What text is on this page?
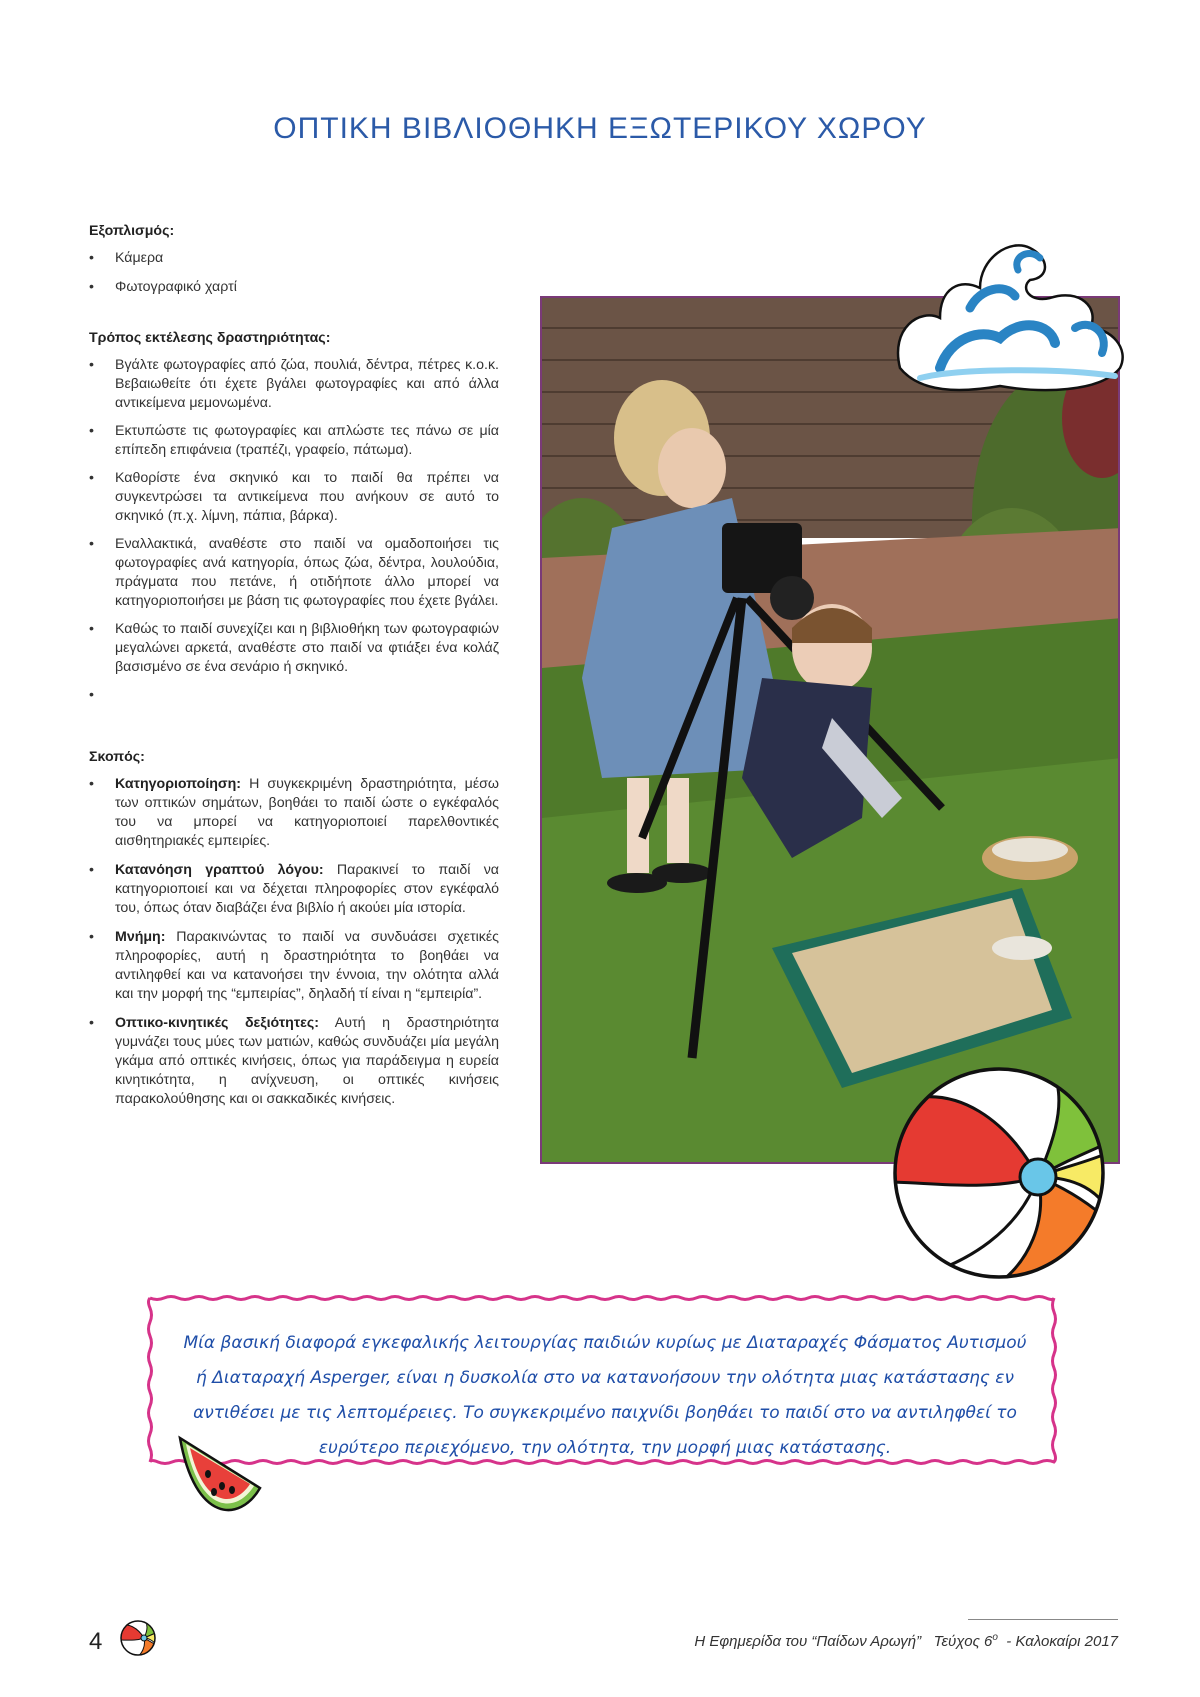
ΟΠΤΙΚΗ ΒΙΒΛΙΟΘΗΚΗ ΕΞΩΤΕΡΙΚΟΥ ΧΩΡΟΥ
Εξοπλισμός:
• Κάμερα
• Φωτογραφικό χαρτί
Τρόπος εκτέλεσης δραστηριότητας:
• Βγάλτε φωτογραφίες από ζώα, πουλιά, δέντρα, πέτρες κ.ο.κ. Βεβαιωθείτε ότι έχετε βγάλει φωτογραφίες και από άλλα αντικείμενα μεμονωμένα.
• Εκτυπώστε τις φωτογραφίες και απλώστε τες πάνω σε μία επίπεδη επιφάνεια (τραπέζι, γραφείο, πάτωμα).
• Καθορίστε ένα σκηνικό και το παιδί θα πρέπει να συγκεντρώσει τα αντικείμενα που ανήκουν σε αυτό το σκηνικό (π.χ. λίμνη, πάπια, βάρκα).
• Εναλλακτικά, αναθέστε στο παιδί να ομαδοποιήσει τις φωτογραφίες ανά κατηγορία, όπως ζώα, δέντρα, λουλούδια, πράγματα που πετάνε, ή οτιδήποτε άλλο μπορεί να κατηγοριοποιήσει με βάση τις φωτογραφίες που έχετε βγάλει.
• Καθώς το παιδί συνεχίζει και η βιβλιοθήκη των φωτογραφιών μεγαλώνει αρκετά, αναθέστε στο παιδί να φτιάξει ένα κολάζ βασισμένο σε ένα σενάριο ή σκηνικό.
•
Σκοπός:
• Κατηγοριοποίηση: Η συγκεκριμένη δραστηριότητα, μέσω των οπτικών σημάτων, βοηθάει το παιδί ώστε ο εγκέφαλός του να μπορεί να κατηγοριοποιεί παρελθοντικές αισθητηριακές εμπειρίες.
• Κατανόηση γραπτού λόγου: Παρακινεί το παιδί να κατηγοριοποιεί και να δέχεται πληροφορίες στον εγκέφαλό του, όπως όταν διαβάζει ένα βιβλίο ή ακούει μία ιστορία.
• Μνήμη: Παρακινώντας το παιδί να συνδυάσει σχετικές πληροφορίες, αυτή η δραστηριότητα το βοηθάει να αντιληφθεί και να κατανοήσει την έννοια, την ολότητα αλλά και την μορφή της “εμπειρίας”, δηλαδή τί είναι η “εμπειρία”.
• Οπτικο-κινητικές δεξιότητες: Αυτή η δραστηριότητα γυμνάζει τους μύες των ματιών, καθώς συνδυάζει μία μεγάλη γκάμα από οπτικές κινήσεις, όπως για παράδειγμα η ευρεία κινητικότητα, η ανίχνευση, οι οπτικές κινήσεις παρακολούθησης και οι σακκαδικές κινήσεις.
Μία βασική διαφορά εγκεφαλικής λειτουργίας παιδιών κυρίως με Διαταραχές Φάσματος Αυτισμού ή Διαταραχή Asperger, είναι η δυσκολία στο να κατανοήσουν την ολότητα μιας κατάστασης εν αντιθέσει με τις λεπτομέρειες. Το συγκεκριμένο παιχνίδι βοηθάει το παιδί στο να αντιληφθεί το ευρύτερο περιεχόμενο, την ολότητα, την μορφή μιας κατάστασης.
4	Η Εφημερίδα του “Παίδων Αρωγή” Τεύχος $6^o$ - Καλοκαίρι 2017
